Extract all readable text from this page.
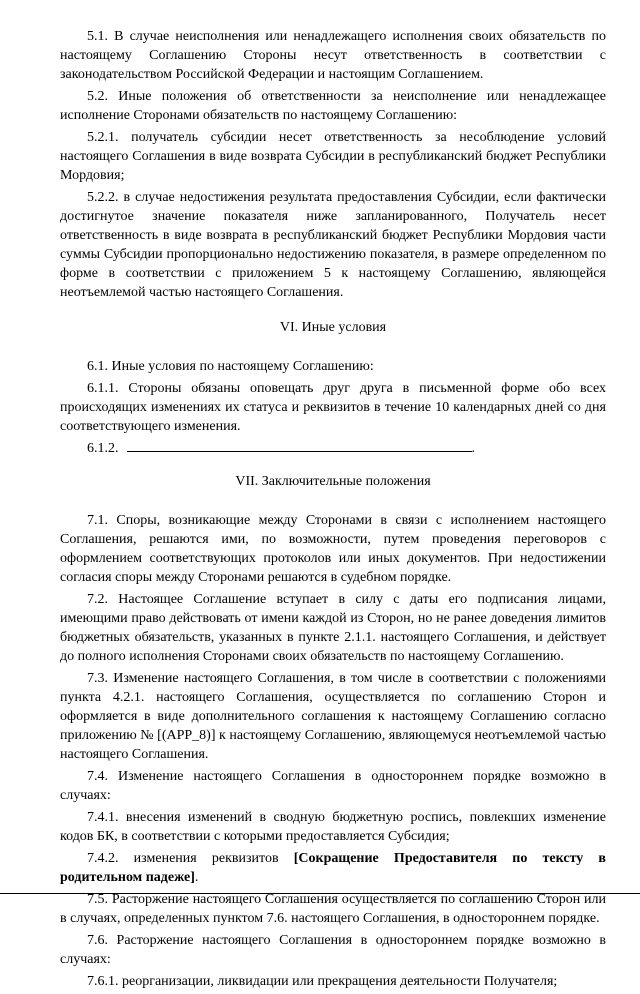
5.1. В случае неисполнения или ненадлежащего исполнения своих обязательств по настоящему Соглашению Стороны несут ответственность в соответствии с законодательством Российской Федерации и настоящим Соглашением.

5.2. Иные положения об ответственности за неисполнение или ненадлежащее исполнение Сторонами обязательств по настоящему Соглашению:

5.2.1. получатель субсидии несет ответственность за несоблюдение условий настоящего Соглашения в виде возврата Субсидии в республиканский бюджет Республики Мордовия;

5.2.2. в случае недостижения результата предоставления Субсидии, если фактически достигнутое значение показателя ниже запланированного, Получатель несет ответственность в виде возврата в республиканский бюджет Республики Мордовия части суммы Субсидии пропорционально недостижению показателя, в размере определенном по форме в соответствии с приложением 5 к настоящему Соглашению, являющейся неотъемлемой частью настоящего Соглашения.

VI. Иные условия

6.1. Иные условия по настоящему Соглашению:

6.1.1. Стороны обязаны оповещать друг друга в письменной форме обо всех происходящих изменениях их статуса и реквизитов в течение 10 календарных дней со дня соответствующего изменения.

6.1.2.	.

VII. Заключительные положения

7.1. Споры, возникающие между Сторонами в связи с исполнением настоящего Соглашения, решаются ими, по возможности, путем проведения переговоров с оформлением соответствующих протоколов или иных документов. При недостижении согласия споры между Сторонами решаются в судебном порядке.

7.2. Настоящее Соглашение вступает в силу с даты его подписания лицами, имеющими право действовать от имени каждой из Сторон, но не ранее доведения лимитов бюджетных обязательств, указанных в пункте 2.1.1. настоящего Соглашения, и действует до полного исполнения Сторонами своих обязательств по настоящему Соглашению.

7.3. Изменение настоящего Соглашения, в том числе в соответствии с положениями пункта 4.2.1. настоящего Соглашения, осуществляется по соглашению Сторон и оформляется в виде дополнительного соглашения к настоящему Соглашению согласно приложению № [(APP_8)] к настоящему Соглашению, являющемуся неотъемлемой частью настоящего Соглашения.

7.4. Изменение настоящего Соглашения в одностороннем порядке возможно в случаях:

7.4.1. внесения изменений в сводную бюджетную роспись, повлекших изменение кодов БК, в соответствии с которыми предоставляется Субсидия;

7.4.2. изменения реквизитов [Сокращение Предоставителя по тексту в родительном падеже].

7.5. Расторжение настоящего Соглашения осуществляется по соглашению Сторон или в случаях, определенных пунктом 7.6. настоящего Соглашения, в одностороннем порядке.

7.6. Расторжение настоящего Соглашения в одностороннем порядке возможно в случаях:

7.6.1. реорганизации, ликвидации или прекращения деятельности Получателя;
